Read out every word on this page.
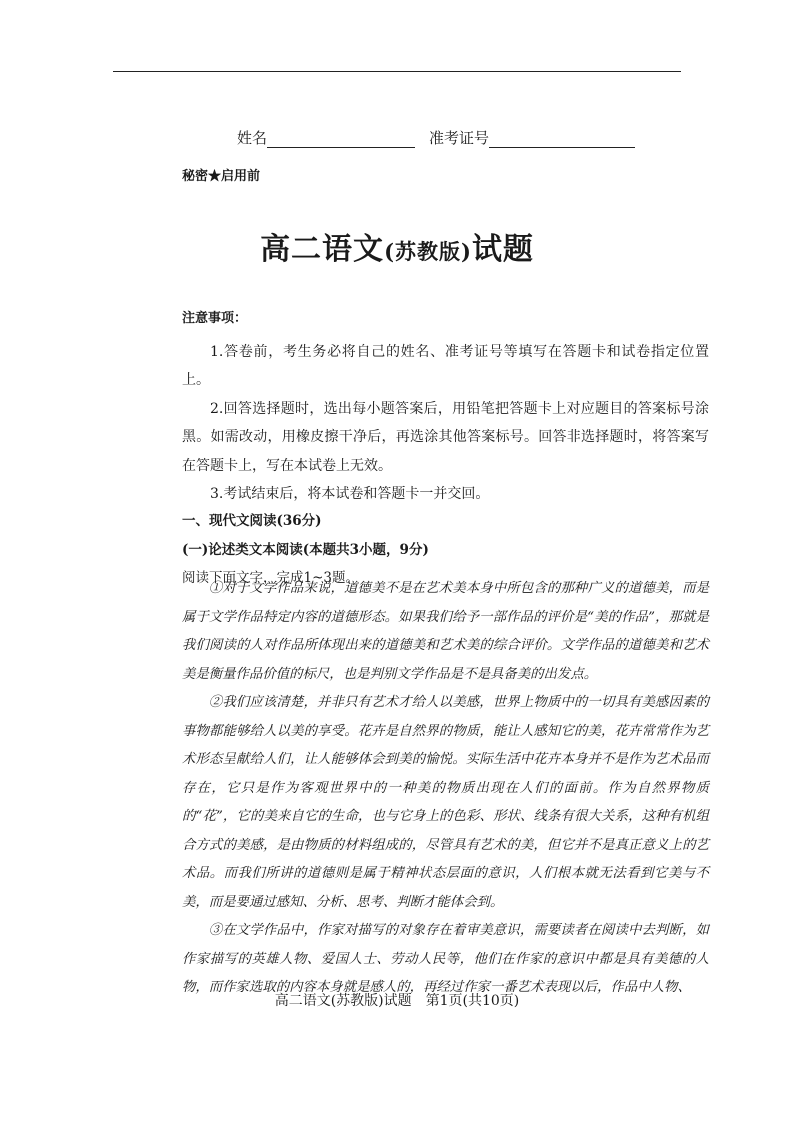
姓名	准考证号
秘密★启用前
高二语文(苏教版)试题
注意事项：

1.答卷前，考生务必将自己的姓名、准考证号等填写在答题卡和试卷指定位置上。

2.回答选择题时，选出每小题答案后，用铅笔把答题卡上对应题目的答案标号涂黑。如需改动，用橡皮擦干净后，再选涂其他答案标号。回答非选择题时，将答案写在答题卡上，写在本试卷上无效。

3.考试结束后，将本试卷和答题卡一并交回。

一、现代文阅读(36分)

(一)论述类文本阅读(本题共3小题，9分)

阅读下面文字，完成1~3题。

①对于文学作品来说，道德美不是在艺术美本身中所包含的那种广义的道德美，而是属于文学作品特定内容的道德形态。如果我们给予一部作品的评价是“美的作品”，那就是我们阅读的人对作品所体现出来的道德美和艺术美的综合评价。文学作品的道德美和艺术美是衡量作品价值的标尺，也是判别文学作品是不是具备美的出发点。

②我们应该清楚，并非只有艺术才给人以美感，世界上物质中的一切具有美感因素的事物都能够给人以美的享受。花卉是自然界的物质，能让人感知它的美，花卉常常作为艺术形态呈献给人们，让人能够体会到美的愉悦。实际生活中花卉本身并不是作为艺术品而存在，它只是作为客观世界中的一种美的物质出现在人们的面前。作为自然界物质的“花”，它的美来自它的生命，也与它身上的色彩、形状、线条有很大关系，这种有机组合方式的美感，是由物质的材料组成的，尽管具有艺术的美，但它并不是真正意义上的艺术品。而我们所讲的道德则是属于精神状态层面的意识，人们根本就无法看到它美与不美，而是要通过感知、分析、思考、判断才能体会到。

③在文学作品中，作家对描写的对象存在着审美意识，需要读者在阅读中去判断，如作家描写的英雄人物、爱国人士、劳动人民等，他们在作家的意识中都是具有美德的人物，而作家选取的内容本身就是感人的，再经过作家一番艺术表现以后，作品中人物、

高二语文(苏教版)试题　第1页(共10页)
